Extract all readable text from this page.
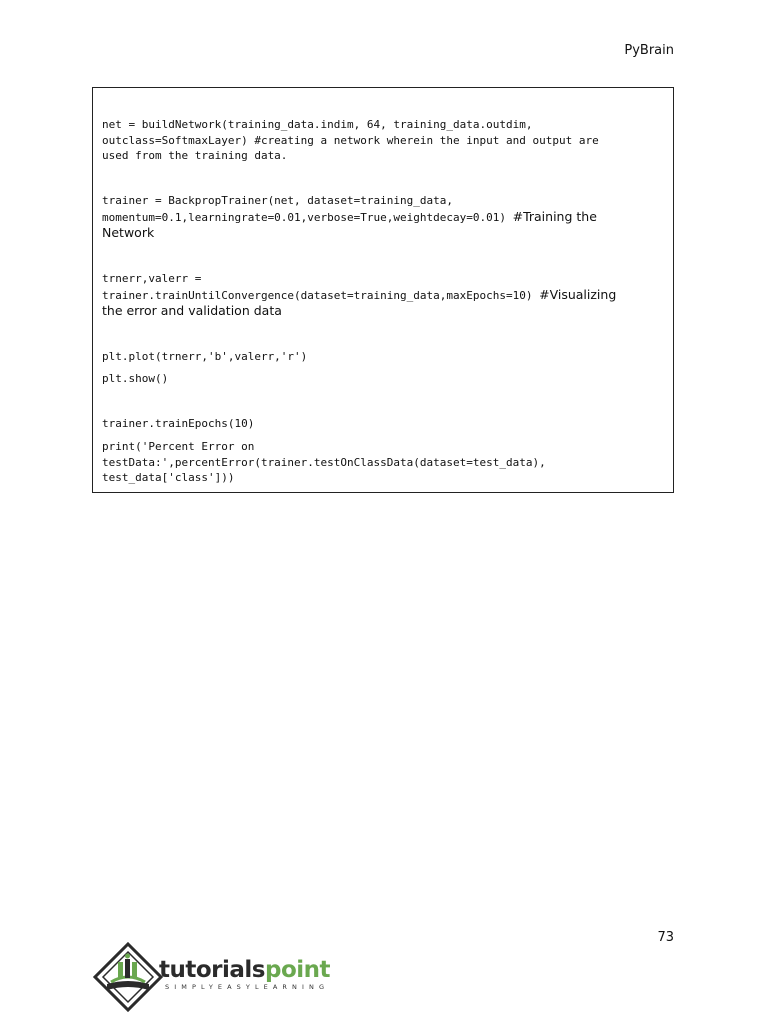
PyBrain
net = buildNetwork(training_data.indim, 64, training_data.outdim,
outclass=SoftmaxLayer) #creating a network wherein the input and output are
used from the training data.
trainer = BackpropTrainer(net, dataset=training_data,
momentum=0.1,learningrate=0.01,verbose=True,weightdecay=0.01) #Training the
Network
trnerr,valerr =
trainer.trainUntilConvergence(dataset=training_data,maxEpochs=10) #Visualizing
the error and validation data
plt.plot(trnerr,'b',valerr,'r')
plt.show()
trainer.trainEpochs(10)
print('Percent Error on
testData:',percentError(trainer.testOnClassData(dataset=test_data),
test_data['class']))
73
tutorialspoint
SIMPLYEASYLEARNING
